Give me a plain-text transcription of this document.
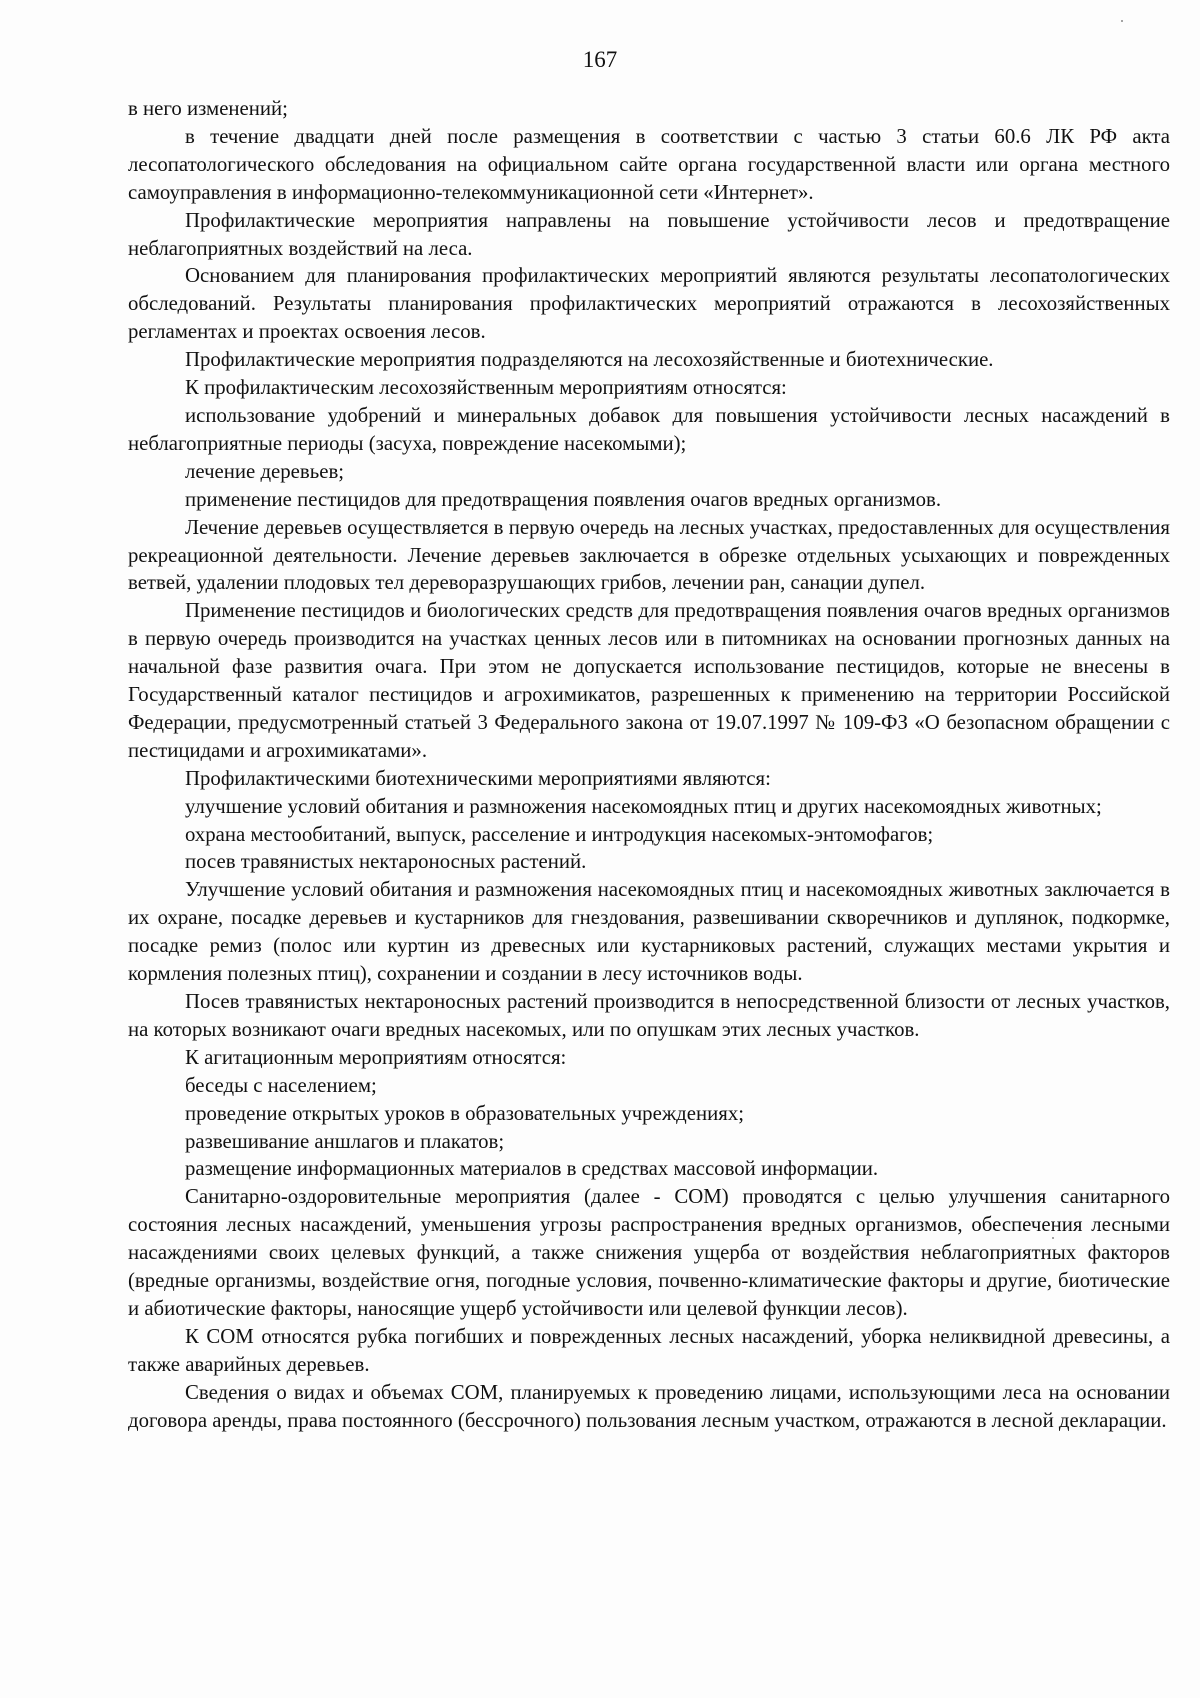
167

в него изменений;

в течение двадцати дней после размещения в соответствии с частью 3 статьи 60.6 ЛК РФ акта лесопатологического обследования на официальном сайте органа государственной власти или органа местного самоуправления в информационно-телекоммуникационной сети «Интернет».

Профилактические мероприятия направлены на повышение устойчивости лесов и предотвращение неблагоприятных воздействий на леса.

Основанием для планирования профилактических мероприятий являются результаты лесопатологических обследований. Результаты планирования профилактических мероприятий отражаются в лесохозяйственных регламентах и проектах освоения лесов.

Профилактические мероприятия подразделяются на лесохозяйственные и биотехнические.

К профилактическим лесохозяйственным мероприятиям относятся:

использование удобрений и минеральных добавок для повышения устойчивости лесных насаждений в неблагоприятные периоды (засуха, повреждение насекомыми);

лечение деревьев;

применение пестицидов для предотвращения появления очагов вредных организмов.

Лечение деревьев осуществляется в первую очередь на лесных участках, предоставленных для осуществления рекреационной деятельности. Лечение деревьев заключается в обрезке отдельных усыхающих и поврежденных ветвей, удалении плодовых тел дереворазрушающих грибов, лечении ран, санации дупел.

Применение пестицидов и биологических средств для предотвращения появления очагов вредных организмов в первую очередь производится на участках ценных лесов или в питомниках на основании прогнозных данных на начальной фазе развития очага. При этом не допускается использование пестицидов, которые не внесены в Государственный каталог пестицидов и агрохимикатов, разрешенных к применению на территории Российской Федерации, предусмотренный статьей 3 Федерального закона от 19.07.1997 № 109-ФЗ «О безопасном обращении с пестицидами и агрохимикатами».

Профилактическими биотехническими мероприятиями являются:

улучшение условий обитания и размножения насекомоядных птиц и других насекомоядных животных;

охрана местообитаний, выпуск, расселение и интродукция насекомых-энтомофагов;

посев травянистых нектароносных растений.

Улучшение условий обитания и размножения насекомоядных птиц и насекомоядных животных заключается в их охране, посадке деревьев и кустарников для гнездования, развешивании скворечников и дуплянок, подкормке, посадке ремиз (полос или куртин из древесных или кустарниковых растений, служащих местами укрытия и кормления полезных птиц), сохранении и создании в лесу источников воды.

Посев травянистых нектароносных растений производится в непосредственной близости от лесных участков, на которых возникают очаги вредных насекомых, или по опушкам этих лесных участков.

К агитационным мероприятиям относятся:

беседы с населением;

проведение открытых уроков в образовательных учреждениях;

развешивание аншлагов и плакатов;

размещение информационных материалов в средствах массовой информации.

Санитарно-оздоровительные мероприятия (далее - СОМ) проводятся с целью улучшения санитарного состояния лесных насаждений, уменьшения угрозы распространения вредных организмов, обеспечения лесными насаждениями своих целевых функций, а также снижения ущерба от воздействия неблагоприятных факторов (вредные организмы, воздействие огня, погодные условия, почвенно-климатические факторы и другие, биотические и абиотические факторы, наносящие ущерб устойчивости или целевой функции лесов).

К СОМ относятся рубка погибших и поврежденных лесных насаждений, уборка неликвидной древесины, а также аварийных деревьев.

Сведения о видах и объемах СОМ, планируемых к проведению лицами, использующими леса на основании договора аренды, права постоянного (бессрочного) пользования лесным участком, отражаются в лесной декларации.
